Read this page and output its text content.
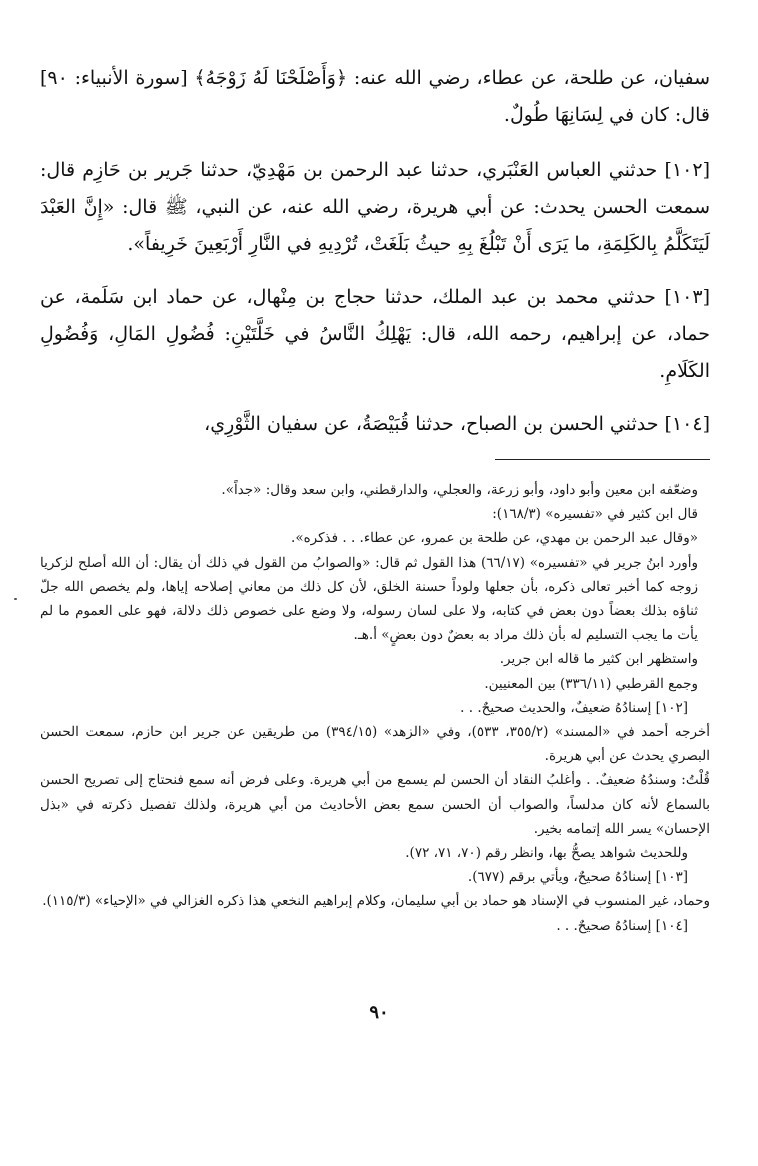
سفيان، عن طلحة، عن عطاء، رضي الله عنه: ﴿وَأَصْلَحْنَا لَهُ زَوْجَهُ﴾ [سورة الأنبياء: ٩٠] قال: كان في لِسَانِهَا طُولٌ.

[١٠٢] حدثني العباس العَنْبَري، حدثنا عبد الرحمن بن مَهْدِيّ، حدثنا جَرير بن حَازِم قال: سمعت الحسن يحدث: عن أبي هريرة، رضي الله عنه، عن النبي، ﷺ قال: «إِنَّ العَبْدَ لَيَتَكَلَّمُ بِالكَلِمَةِ، ما يَرَى أَنْ تَبْلُغَ بِهِ حيثُ بَلَغَتْ، تُرْدِيهِ في النَّارِ أَرْبَعِينَ خَرِيفاً».

[١٠٣] حدثني محمد بن عبد الملك، حدثنا حجاج بن مِنْهال، عن حماد ابن سَلَمة، عن حماد، عن إبراهيم، رحمه الله، قال: يَهْلِكُ النَّاسُ في خَلَّتَيْنِ: فُضُولِ المَالِ، وَفُضُولِ الكَلَامِ.

[١٠٤] حدثني الحسن بن الصباح، حدثنا قُبَيْصَةُ، عن سفيان الثَّوْرِي،

وضعّفه ابن معين وأبو داود، وأبو زرعة، والعجلي، والدارقطني، وابن سعد وقال: «جداً».

قال ابن كثير في «تفسيره» (١٦٨/٣):

«وقال عبد الرحمن بن مهدي، عن طلحة بن عمرو، عن عطاء. . . فذكره».

وأورد ابنُ جرير في «تفسيره» (٦٦/١٧) هذا القول ثم قال: «والصوابُ من القول في ذلك أن يقال: أن الله أصلح لزكريا زوجه كما أخبر تعالى ذكره، بأن جعلها ولوداً حسنة الخلق، لأن كل ذلك من معاني إصلاحه إياها، ولم يخصص الله جلّ ثناؤه بذلك بعضاً دون بعض في كتابه، ولا على لسان رسوله، ولا وضع على خصوص ذلك دلالة، فهو على العموم ما لم يأت ما يجب التسليم له بأن ذلك مراد به بعضٌ دون بعضٍ» أ.هـ.

واستظهر ابن كثير ما قاله ابن جرير.

وجمع القرطبي (٣٣٦/١١) بين المعنيين.

[١٠٢] إسنادُهُ ضعيفٌ، والحديث صحيحٌ. . .

أخرجه أحمد في «المسند» (٣٥٥/٢، ٥٣٣)، وفي «الزهد» (٣٩٤/١٥) من طريقين عن جرير ابن حازم، سمعت الحسن البصري يحدث عن أبي هريرة.

قُلْتُ: وسندُهُ ضعيفٌ. . وأغلبُ النقاد أن الحسن لم يسمع من أبي هريرة. وعلى فرض أنه سمع فنحتاج إلى تصريح الحسن بالسماع لأنه كان مدلساً، والصواب أن الحسن سمع بعض الأحاديث من أبي هريرة، ولذلك تفصيل ذكرته في «بذل الإحسان» يسر الله إتمامه بخير.

وللحديث شواهد يصحُّ بها، وانظر رقم (٧٠، ٧١، ٧٢).

[١٠٣] إسنادُهُ صحيحٌ، ويأتي برقم (٦٧٧).

وحماد، غير المنسوب في الإسناد هو حماد بن أبي سليمان، وكلام إبراهيم النخعي هذا ذكره الغزالي في «الإحياء» (١١٥/٣).

[١٠٤] إسنادُهُ صحيحٌ. . .

٩٠
